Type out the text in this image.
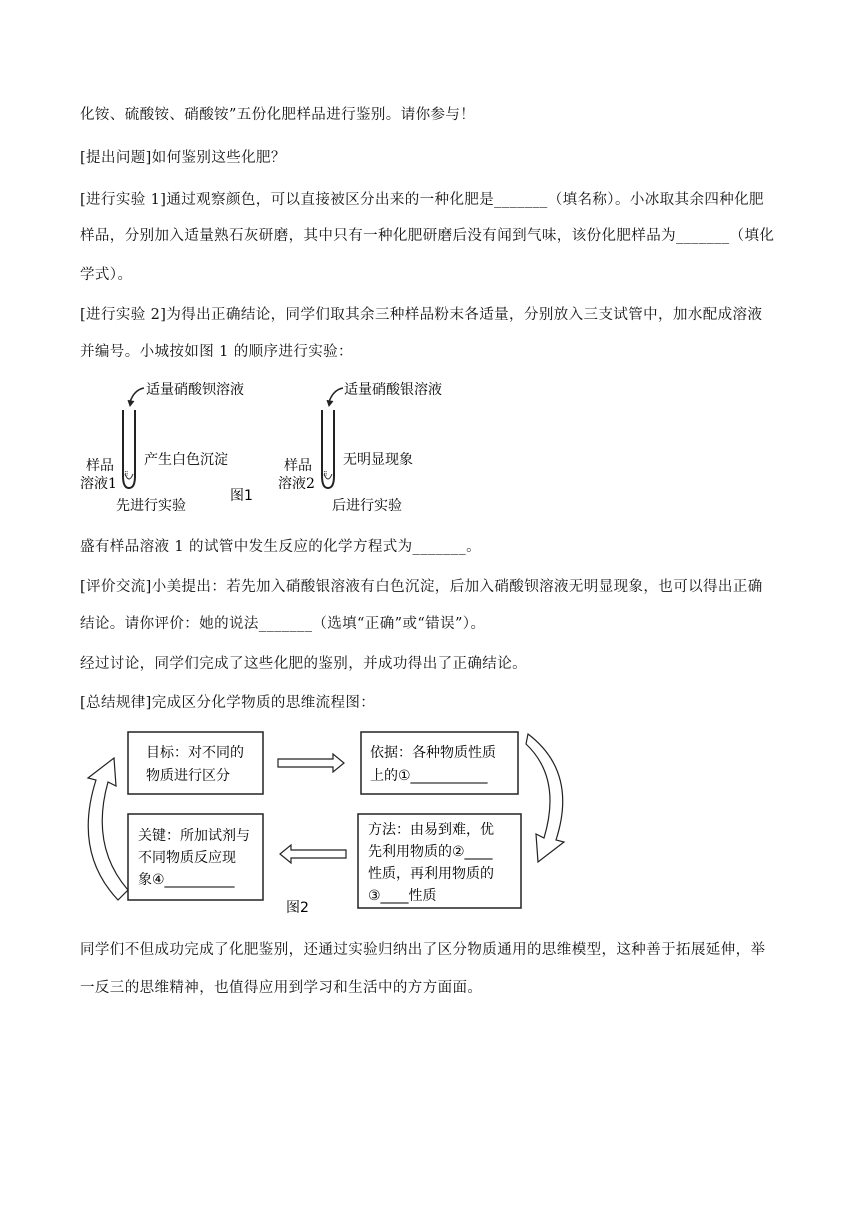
化铵、硫酸铵、硝酸铵”五份化肥样品进行鉴别。请你参与！
[提出问题]如何鉴别这些化肥？
[进行实验 1]通过观察颜色，可以直接被区分出来的一种化肥是_______（填名称）。小冰取其余四种化肥
样品，分别加入适量熟石灰研磨，其中只有一种化肥研磨后没有闻到气味，该份化肥样品为_______（填化
学式）。
[进行实验 2]为得出正确结论，同学们取其余三种样品粉末各适量，分别放入三支试管中，加水配成溶液
并编号。小城按如图 1 的顺序进行实验：
⠿
适量硝酸钡溶液
产生白色沉淀
样品
溶液1
先进行实验
图1
⠿
适量硝酸银溶液
无明显现象
样品
溶液2
后进行实验
盛有样品溶液 1 的试管中发生反应的化学方程式为_______。
[评价交流]小美提出：若先加入硝酸银溶液有白色沉淀，后加入硝酸钡溶液无明显现象，也可以得出正确
结论。请你评价：她的说法_______（选填“正确”或“错误”）。
经过讨论，同学们完成了这些化肥的鉴别，并成功得出了正确结论。
[总结规律]完成区分化学物质的思维流程图：
目标：对不同的
物质进行区分
依据：各种物质性质
上的①___________
关键：所加试剂与
不同物质反应现
象④__________
方法：由易到难，优
先利用物质的②____
性质，再利用物质的
③____性质
图2
同学们不但成功完成了化肥鉴别，还通过实验归纳出了区分物质通用的思维模型，这种善于拓展延伸，举
一反三的思维精神，也值得应用到学习和生活中的方方面面。
